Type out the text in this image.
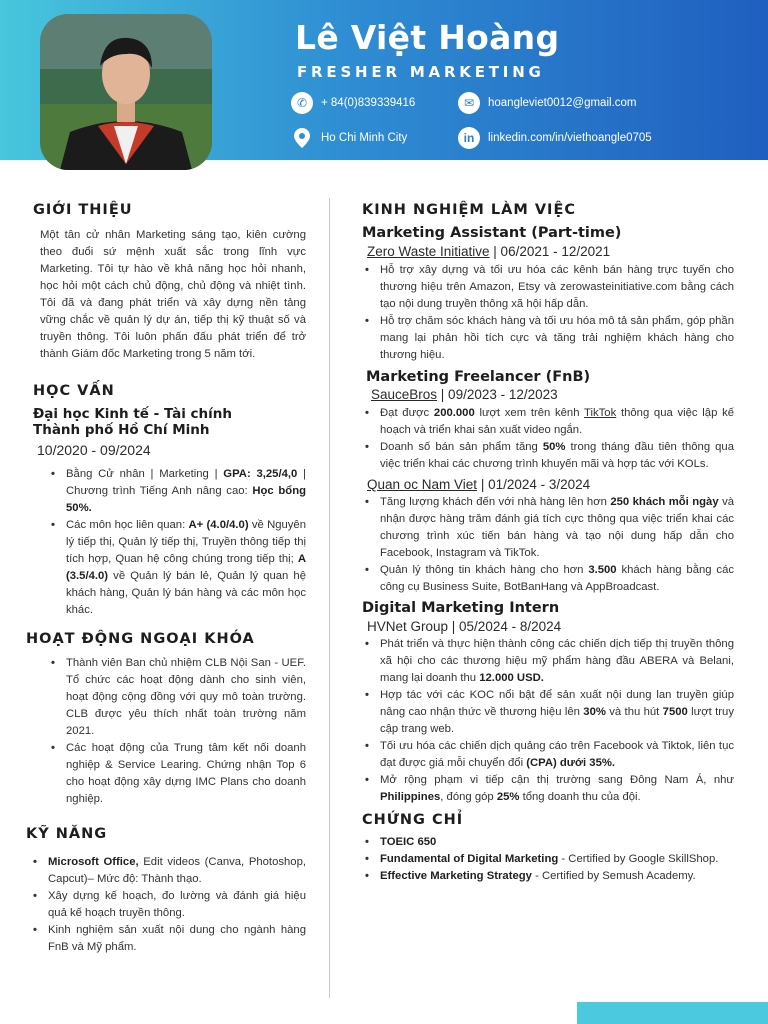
Lê Việt Hoàng
FRESHER MARKETING
✆	+ 84(0)839339416	✉	hoangleviet0012@gmail.com
Ho Chi Minh City	in	linkedin.com/in/viethoangle0705
GIỚI THIỆU

Một tân cử nhân Marketing sáng tạo, kiên cường theo đuổi sứ mệnh xuất sắc trong lĩnh vực Marketing. Tôi tự hào về khả năng học hỏi nhanh, học hỏi một cách chủ động, chủ động và nhiệt tình. Tôi đã và đang phát triển và xây dựng nền tảng vững chắc về quản lý dự án, tiếp thị kỹ thuật số và truyền thông. Tôi luôn phấn đấu phát triển để trở thành Giám đốc Marketing trong 5 năm tới.

HỌC VẤN
Đại học Kinh tế - Tài chính
Thành phố Hồ Chí Minh
10/2020 - 09/2024
• Bằng Cử nhân | Marketing | GPA: 3,25/4,0 | Chương trình Tiếng Anh nâng cao: Học bổng 50%.
• Các môn học liên quan: A+ (4.0/4.0) về Nguyên lý tiếp thị, Quản lý tiếp thị, Truyền thông tiếp thị tích hợp, Quan hệ công chúng trong tiếp thị; A (3.5/4.0) về Quản lý bán lẻ, Quản lý quan hệ khách hàng, Quản lý bán hàng và các môn học khác.
HOẠT ĐỘNG NGOẠI KHÓA
• Thành viên Ban chủ nhiệm CLB Nội San - UEF. Tổ chức các hoạt động dành cho sinh viên, hoạt động cộng đồng với quy mô toàn trường. CLB được yêu thích nhất toàn trường năm 2021.
• Các hoạt động của Trung tâm kết nối doanh nghiệp & Service Learing. Chứng nhận Top 6 cho hoạt động xây dựng IMC Plans cho doanh nghiệp.
KỸ NĂNG
• Microsoft Office, Edit videos (Canva, Photoshop, Capcut)– Mức độ: Thành thạo.
• Xây dựng kế hoạch, đo lường và đánh giá hiệu quả kế hoạch truyền thông.
• Kinh nghiệm sản xuất nội dung cho ngành hàng FnB và Mỹ phẩm.
KINH NGHIỆM LÀM VIỆC
Marketing Assistant (Part-time)
Zero Waste Initiative | 06/2021 - 12/2021
• Hỗ trợ xây dựng và tối ưu hóa các kênh bán hàng trực tuyến cho thương hiệu trên Amazon, Etsy và zerowasteinitiative.com bằng cách tạo nội dung truyền thông xã hội hấp dẫn.
• Hỗ trợ chăm sóc khách hàng và tối ưu hóa mô tả sản phẩm, góp phần mang lại phản hồi tích cực và tăng trải nghiệm khách hàng cho thương hiệu.
Marketing Freelancer (FnB)
SauceBros | 09/2023 - 12/2023
• Đạt được 200.000 lượt xem trên kênh TikTok thông qua việc lập kế hoạch và triển khai sản xuất video ngắn.
• Doanh số bán sản phẩm tăng 50% trong tháng đầu tiên thông qua việc triển khai các chương trình khuyến mãi và hợp tác với KOLs.
Quan oc Nam Viet | 01/2024 - 3/2024
• Tăng lượng khách đến với nhà hàng lên hơn 250 khách mỗi ngày và nhận được hàng trăm đánh giá tích cực thông qua việc triển khai các chương trình xúc tiến bán hàng và tạo nội dung hấp dẫn cho Facebook, Instagram và TikTok.
• Quản lý thông tin khách hàng cho hơn 3.500 khách hàng bằng các công cụ Business Suite, BotBanHang và AppBroadcast.
Digital Marketing Intern
HVNet Group | 05/2024 - 8/2024
• Phát triển và thực hiện thành công các chiến dịch tiếp thị truyền thông xã hội cho các thương hiệu mỹ phẩm hàng đầu ABERA và Belani, mang lại doanh thu 12.000 USD.
• Hợp tác với các KOC nổi bật để sản xuất nội dung lan truyền giúp nâng cao nhận thức về thương hiệu lên 30% và thu hút 7500 lượt truy cập trang web.
• Tối ưu hóa các chiến dịch quảng cáo trên Facebook và Tiktok, liên tục đạt được giá mỗi chuyển đổi (CPA) dưới 35%.
• Mở rộng phạm vi tiếp cận thị trường sang Đông Nam Á, như Philippines, đóng góp 25% tổng doanh thu của đội.
CHỨNG CHỈ
• TOEIC 650
• Fundamental of Digital Marketing - Certified by Google SkillShop.
• Effective Marketing Strategy - Certified by Semush Academy.
